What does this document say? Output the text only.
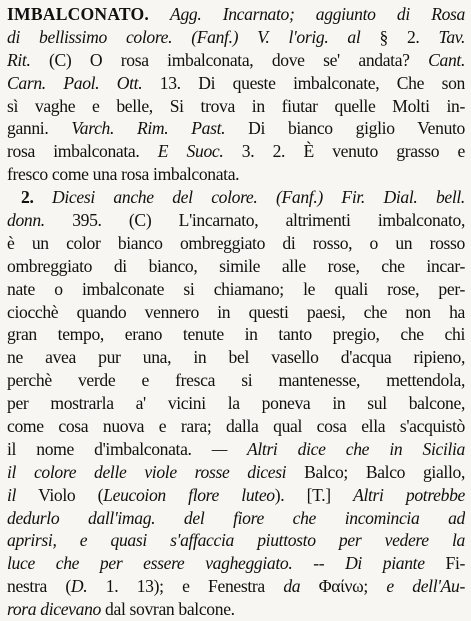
IMBALCONATO. Agg. Incarnato; aggiunto di Rosa
di bellissimo colore. (Fanf.) V. l'orig. al § 2. Tav.
Rit. (C) O rosa imbalconata, dove se' andata? Cant.
Carn. Paol. Ott. 13. Di queste imbalconate, Che son
sì vaghe e belle, Si trova in fiutar quelle Molti in-
ganni. Varch. Rim. Past. Di bianco giglio Venuto
rosa imbalconata. E Suoc. 3. 2. È venuto grasso e
fresco come una rosa imbalconata.
2. Dicesi anche del colore. (Fanf.) Fir. Dial. bell.
donn. 395. (C) L'incarnato, altrimenti imbalconato,
è un color bianco ombreggiato di rosso, o un rosso
ombreggiato di bianco, simile alle rose, che incar-
nate o imbalconate si chiamano; le quali rose, per-
ciocchè quando vennero in questi paesi, che non ha
gran tempo, erano tenute in tanto pregio, che chi
ne avea pur una, in bel vasello d'acqua ripieno,
perchè verde e fresca si mantenesse, mettendola,
per mostrarla a' vicini la poneva in sul balcone,
come cosa nuova e rara; dalla qual cosa ella s'acquistò
il nome d'imbalconata. — Altri dice che in Sicilia
il colore delle viole rosse dicesi Balco; Balco giallo,
il Violo (Leucoion flore luteo). [T.] Altri potrebbe
dedurlo dall'imag. del fiore che incomincia ad
aprirsi, e quasi s'affaccia piuttosto per vedere la
luce che per essere vagheggiato. -- Di piante Fi-
nestra (D. 1. 13); e Fenestra da Φαίνω; e dell'Au-
rora dicevano dal sovran balcone.
